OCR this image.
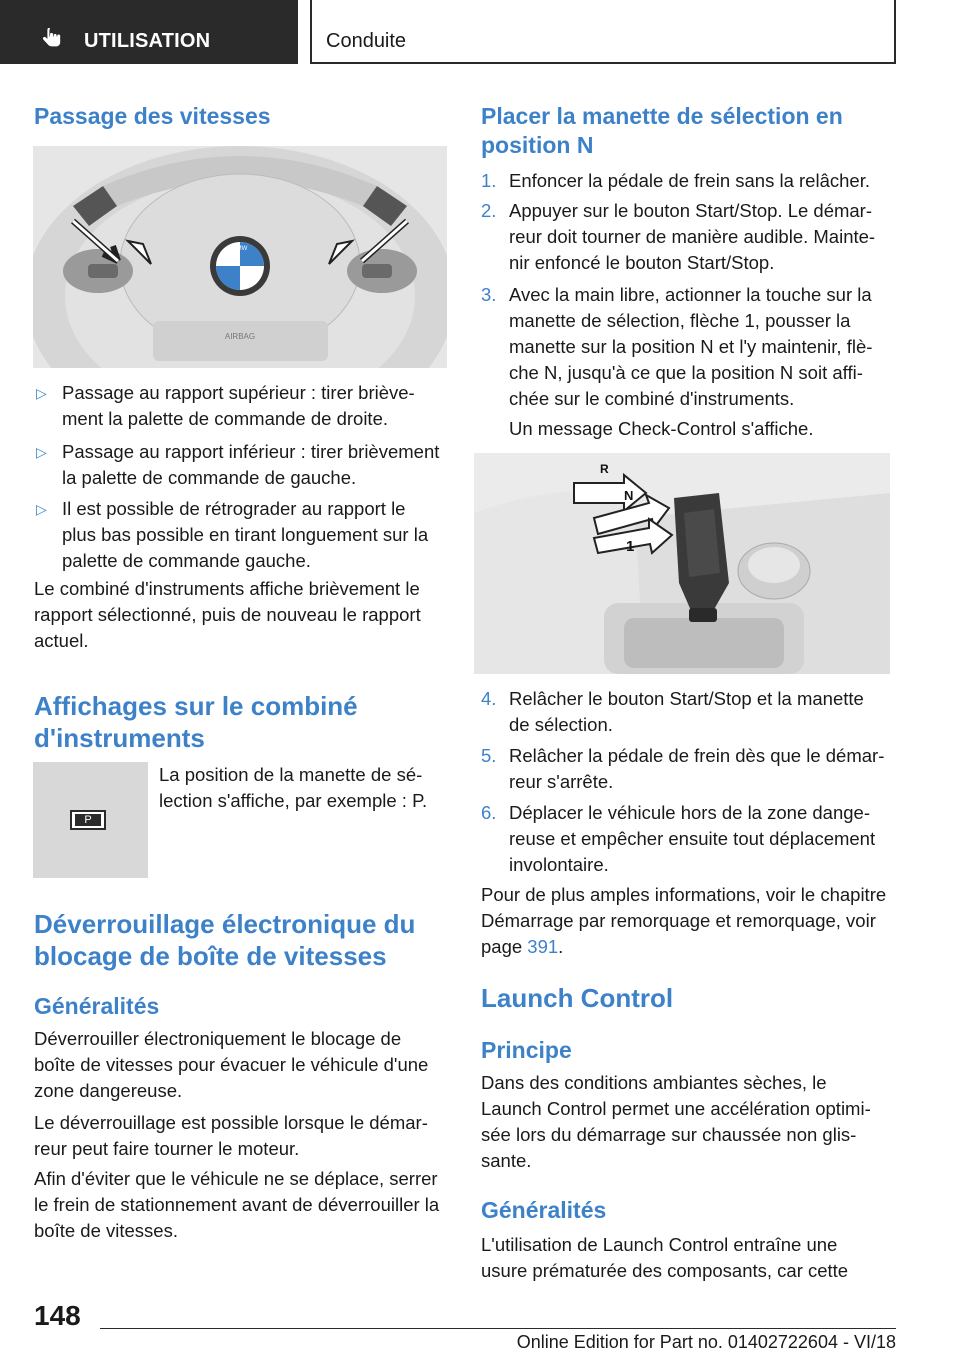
UTILISATION	Conduite
Passage des vitesses
AIRBAG
BMW
▷ Passage au rapport supérieur : tirer briève-
ment la palette de commande de droite.
▷ Passage au rapport inférieur : tirer brièvement
la palette de commande de gauche.
▷ Il est possible de rétrograder au rapport le
plus bas possible en tirant longuement sur la
palette de commande gauche.
Le combiné d'instruments affiche brièvement le
rapport sélectionné, puis de nouveau le rapport
actuel.
Affichages sur le combiné
d'instruments
P
La position de la manette de sé-
lection s'affiche, par exemple : P.
Déverrouillage électronique du
blocage de boîte de vitesses
Généralités
Déverrouiller électroniquement le blocage de
boîte de vitesses pour évacuer le véhicule d'une
zone dangereuse.
Le déverrouillage est possible lorsque le démar-
reur peut faire tourner le moteur.
Afin d'éviter que le véhicule ne se déplace, serrer
le frein de stationnement avant de déverrouiller la
boîte de vitesses.
Placer la manette de sélection en
position N
1. Enfoncer la pédale de frein sans la relâcher.
2. Appuyer sur le bouton Start/Stop. Le démar-
reur doit tourner de manière audible. Mainte-
nir enfoncé le bouton Start/Stop.
3. Avec la main libre, actionner la touche sur la
manette de sélection, flèche 1, pousser la
manette sur la position N et l'y maintenir, flè-
che N, jusqu'à ce que la position N soit affi-
chée sur le combiné d'instruments.
Un message Check-Control s'affiche.
R
N
1
4. Relâcher le bouton Start/Stop et la manette
de sélection.
5. Relâcher la pédale de frein dès que le démar-
reur s'arrête.
6. Déplacer le véhicule hors de la zone dange-
reuse et empêcher ensuite tout déplacement
involontaire.
Pour de plus amples informations, voir le chapitre
Démarrage par remorquage et remorquage, voir
page 391.
Launch Control
Principe
Dans des conditions ambiantes sèches, le
Launch Control permet une accélération optimi-
sée lors du démarrage sur chaussée non glis-
sante.
Généralités
L'utilisation de Launch Control entraîne une
usure prématurée des composants, car cette
148
Online Edition for Part no. 01402722604 - VI/18
